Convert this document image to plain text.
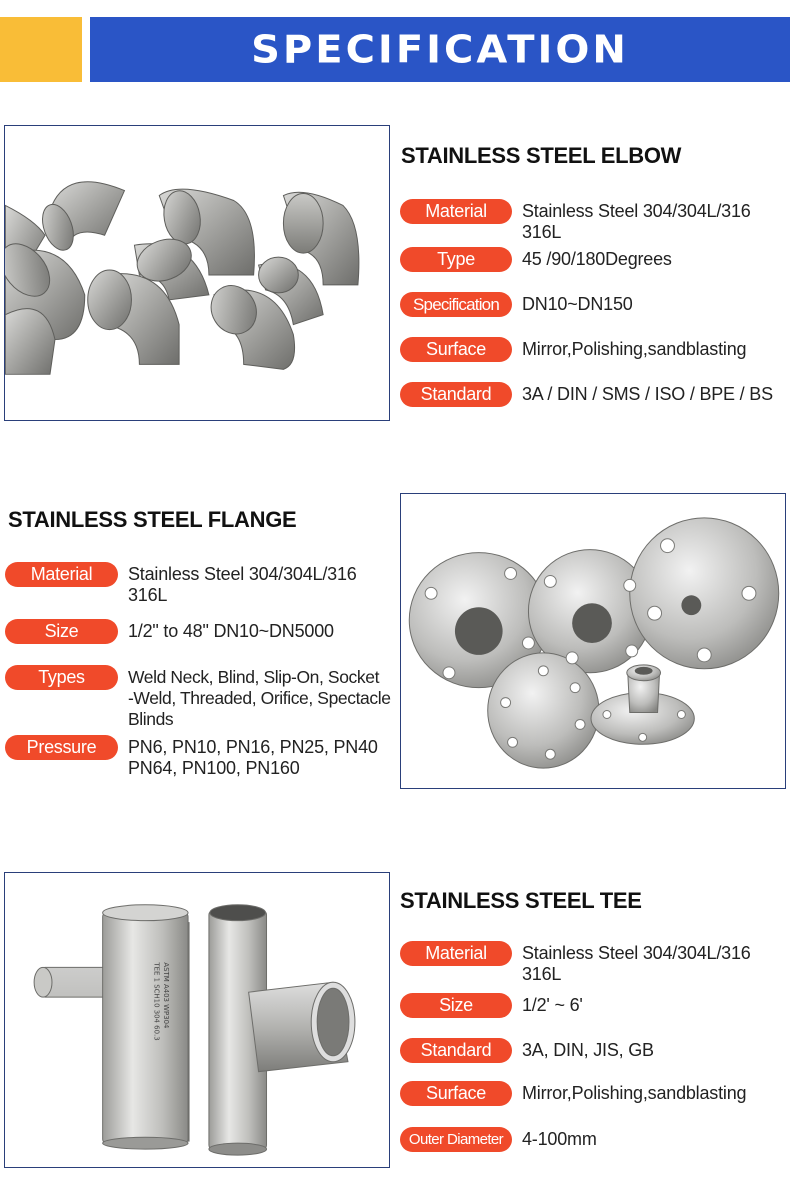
SPECIFICATION
STAINLESS STEEL ELBOW
Material	Stainless Steel 304/304L/316
316L
Type	45 /90/180Degrees
Specification	DN10~DN150
Surface	Mirror,Polishing,sandblasting
Standard	3A / DIN / SMS / ISO / BPE / BS
STAINLESS STEEL FLANGE
Material	Stainless Steel 304/304L/316
316L
Size	1/2" to 48" DN10~DN5000
Types	Weld Neck, Blind, Slip-On, Socket
-Weld, Threaded, Orifice, Spectacle
Blinds
Pressure	PN6, PN10, PN16, PN25, PN40
PN64, PN100, PN160
TEE 1 SCH10 304 60.3 ASTM A403 WP304
STAINLESS STEEL TEE
Material	Stainless Steel 304/304L/316
316L
Size	1/2' ~ 6'
Standard	3A, DIN, JIS, GB
Surface	Mirror,Polishing,sandblasting
Outer Diameter	4-100mm
